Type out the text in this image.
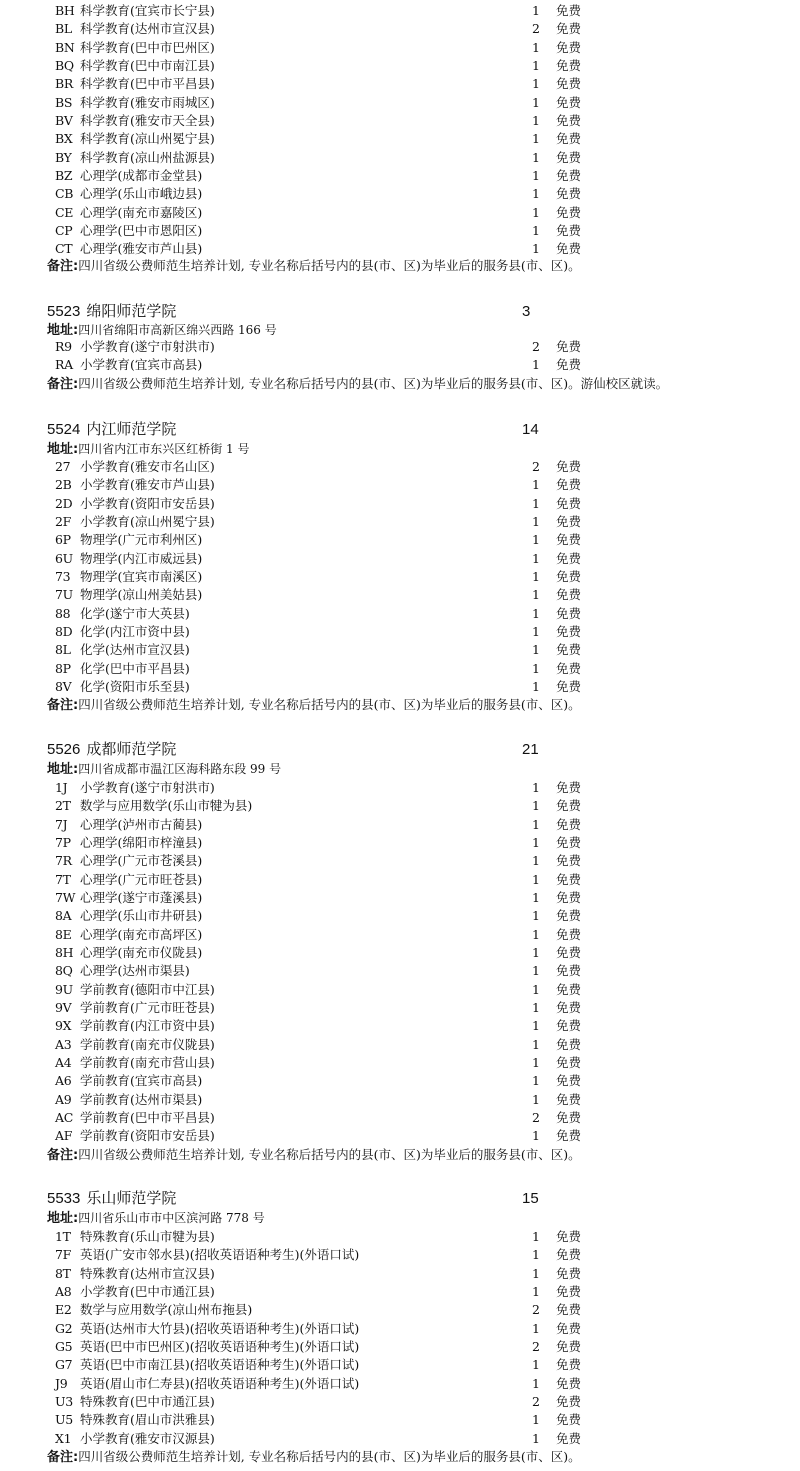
BH 科学教育(宜宾市长宁县)	1 免费
BL 科学教育(达州市宣汉县)	2 免费
BN 科学教育(巴中市巴州区)	1 免费
BQ 科学教育(巴中市南江县)	1 免费
BR 科学教育(巴中市平昌县)	1 免费
BS 科学教育(雅安市雨城区)	1 免费
BV 科学教育(雅安市天全县)	1 免费
BX 科学教育(凉山州冕宁县)	1 免费
BY 科学教育(凉山州盐源县)	1 免费
BZ 心理学(成都市金堂县)	1 免费
CB 心理学(乐山市峨边县)	1 免费
CE 心理学(南充市嘉陵区)	1 免费
CP 心理学(巴中市恩阳区)	1 免费
CT 心理学(雅安市芦山县)	1 免费
备注:四川省级公费师范生培养计划, 专业名称后括号内的县(市、区)为毕业后的服务县(市、区)。
5523 绵阳师范学院	3
地址:四川省绵阳市高新区绵兴西路 166 号
R9 小学教育(遂宁市射洪市)	2 免费
RA 小学教育(宜宾市高县)	1 免费
备注:四川省级公费师范生培养计划, 专业名称后括号内的县(市、区)为毕业后的服务县(市、区)。游仙校区就读。
5524 内江师范学院	14
地址:四川省内江市东兴区红桥街 1 号
27 小学教育(雅安市名山区)	2 免费
2B 小学教育(雅安市芦山县)	1 免费
2D 小学教育(资阳市安岳县)	1 免费
2F 小学教育(凉山州冕宁县)	1 免费
6P 物理学(广元市利州区)	1 免费
6U 物理学(内江市威远县)	1 免费
73 物理学(宜宾市南溪区)	1 免费
7U 物理学(凉山州美姑县)	1 免费
88 化学(遂宁市大英县)	1 免费
8D 化学(内江市资中县)	1 免费
8L 化学(达州市宣汉县)	1 免费
8P 化学(巴中市平昌县)	1 免费
8V 化学(资阳市乐至县)	1 免费
备注:四川省级公费师范生培养计划, 专业名称后括号内的县(市、区)为毕业后的服务县(市、区)。
5526 成都师范学院	21
地址:四川省成都市温江区海科路东段 99 号
1J	小学教育(遂宁市射洪市)	1 免费
2T 数学与应用数学(乐山市犍为县)	1 免费
7J	心理学(泸州市古蔺县)	1 免费
7P 心理学(绵阳市梓潼县)	1 免费
7R 心理学(广元市苍溪县)	1 免费
7T 心理学(广元市旺苍县)	1 免费
7W 心理学(遂宁市蓬溪县)	1 免费
8A 心理学(乐山市井研县)	1 免费
8E 心理学(南充市高坪区)	1 免费
8H 心理学(南充市仪陇县)	1 免费
8Q 心理学(达州市渠县)	1 免费
9U 学前教育(德阳市中江县)	1 免费
9V 学前教育(广元市旺苍县)	1 免费
9X 学前教育(内江市资中县)	1 免费
A3 学前教育(南充市仪陇县)	1 免费
A4 学前教育(南充市营山县)	1 免费
A6 学前教育(宜宾市高县)	1 免费
A9 学前教育(达州市渠县)	1 免费
AC 学前教育(巴中市平昌县)	2 免费
AF 学前教育(资阳市安岳县)	1 免费
备注:四川省级公费师范生培养计划, 专业名称后括号内的县(市、区)为毕业后的服务县(市、区)。
5533 乐山师范学院	15
地址:四川省乐山市市中区滨河路 778 号
1T 特殊教育(乐山市犍为县)	1 免费
7F 英语(广安市邻水县)(招收英语语种考生)(外语口试)	1 免费
8T 特殊教育(达州市宣汉县)	1 免费
A8 小学教育(巴中市通江县)	1 免费
E2 数学与应用数学(凉山州布拖县)	2 免费
G2 英语(达州市大竹县)(招收英语语种考生)(外语口试)	1 免费
G5 英语(巴中市巴州区)(招收英语语种考生)(外语口试)	2 免费
G7 英语(巴中市南江县)(招收英语语种考生)(外语口试)	1 免费
J9	英语(眉山市仁寿县)(招收英语语种考生)(外语口试)	1 免费
U3 特殊教育(巴中市通江县)	2 免费
U5 特殊教育(眉山市洪雅县)	1 免费
X1 小学教育(雅安市汉源县)	1 免费
备注:四川省级公费师范生培养计划, 专业名称后括号内的县(市、区)为毕业后的服务县(市、区)。
